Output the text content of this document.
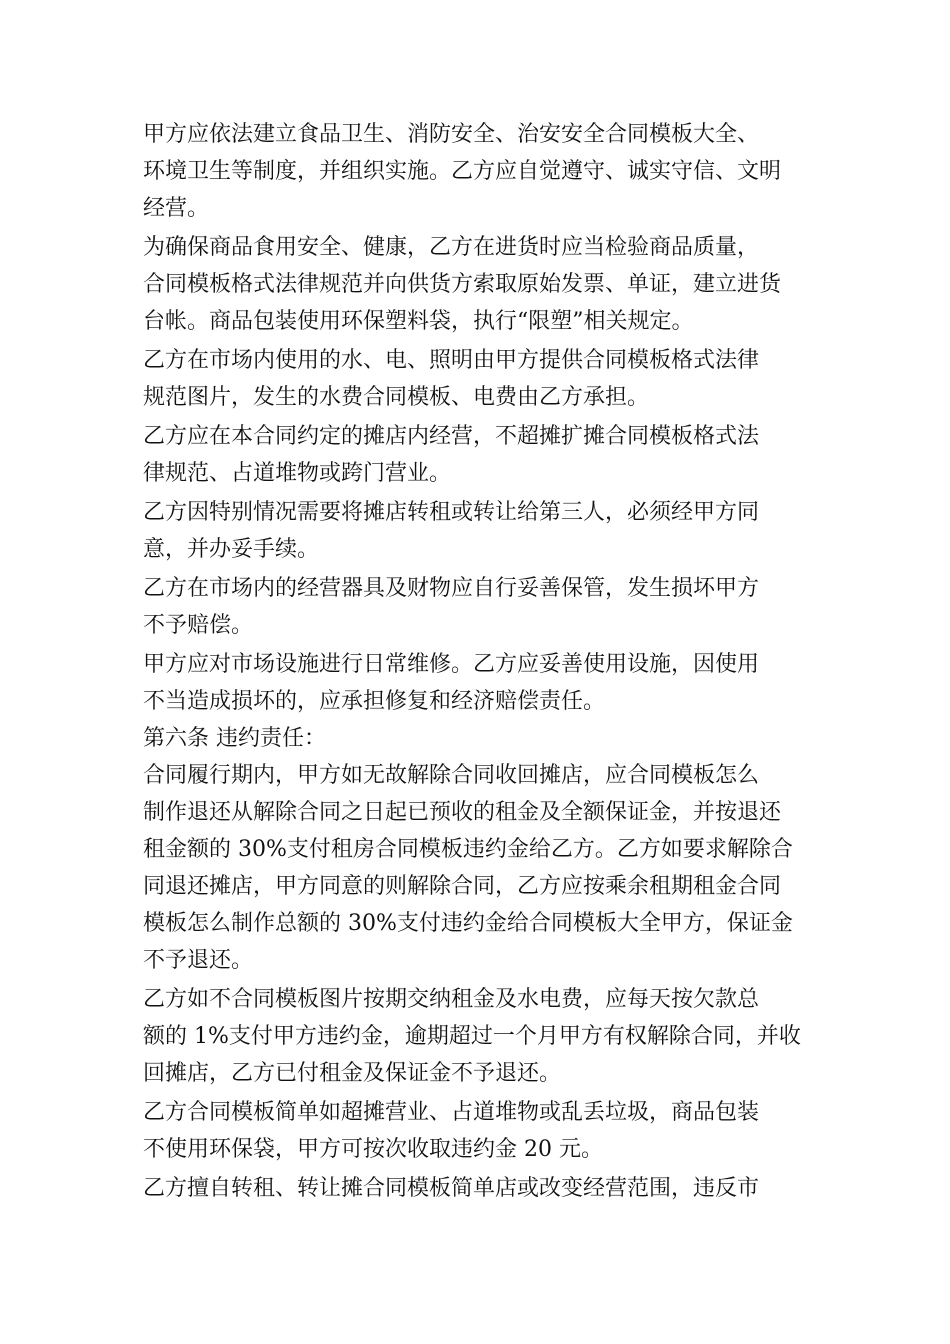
甲方应依法建立食品卫生、消防安全、治安安全合同模板大全、
环境卫生等制度，并组织实施。乙方应自觉遵守、诚实守信、文明
经营。
为确保商品食用安全、健康，乙方在进货时应当检验商品质量，
合同模板格式法律规范并向供货方索取原始发票、单证，建立进货
台帐。商品包装使用环保塑料袋，执行“限塑”相关规定。
乙方在市场内使用的水、电、照明由甲方提供合同模板格式法律
规范图片，发生的水费合同模板、电费由乙方承担。
乙方应在本合同约定的摊店内经营，不超摊扩摊合同模板格式法
律规范、占道堆物或跨门营业。
乙方因特别情况需要将摊店转租或转让给第三人，必须经甲方同
意，并办妥手续。
乙方在市场内的经营器具及财物应自行妥善保管，发生损坏甲方
不予赔偿。
甲方应对市场设施进行日常维修。乙方应妥善使用设施，因使用
不当造成损坏的，应承担修复和经济赔偿责任。
第六条 违约责任：
合同履行期内，甲方如无故解除合同收回摊店，应合同模板怎么
制作退还从解除合同之日起已预收的租金及全额保证金，并按退还
租金额的 30%支付租房合同模板违约金给乙方。乙方如要求解除合
同退还摊店，甲方同意的则解除合同，乙方应按乘余租期租金合同
模板怎么制作总额的 30%支付违约金给合同模板大全甲方，保证金
不予退还。
乙方如不合同模板图片按期交纳租金及水电费，应每天按欠款总
额的 1%支付甲方违约金，逾期超过一个月甲方有权解除合同，并收
回摊店，乙方已付租金及保证金不予退还。
乙方合同模板简单如超摊营业、占道堆物或乱丢垃圾，商品包装
不使用环保袋，甲方可按次收取违约金 20 元。
乙方擅自转租、转让摊合同模板简单店或改变经营范围，违反市
